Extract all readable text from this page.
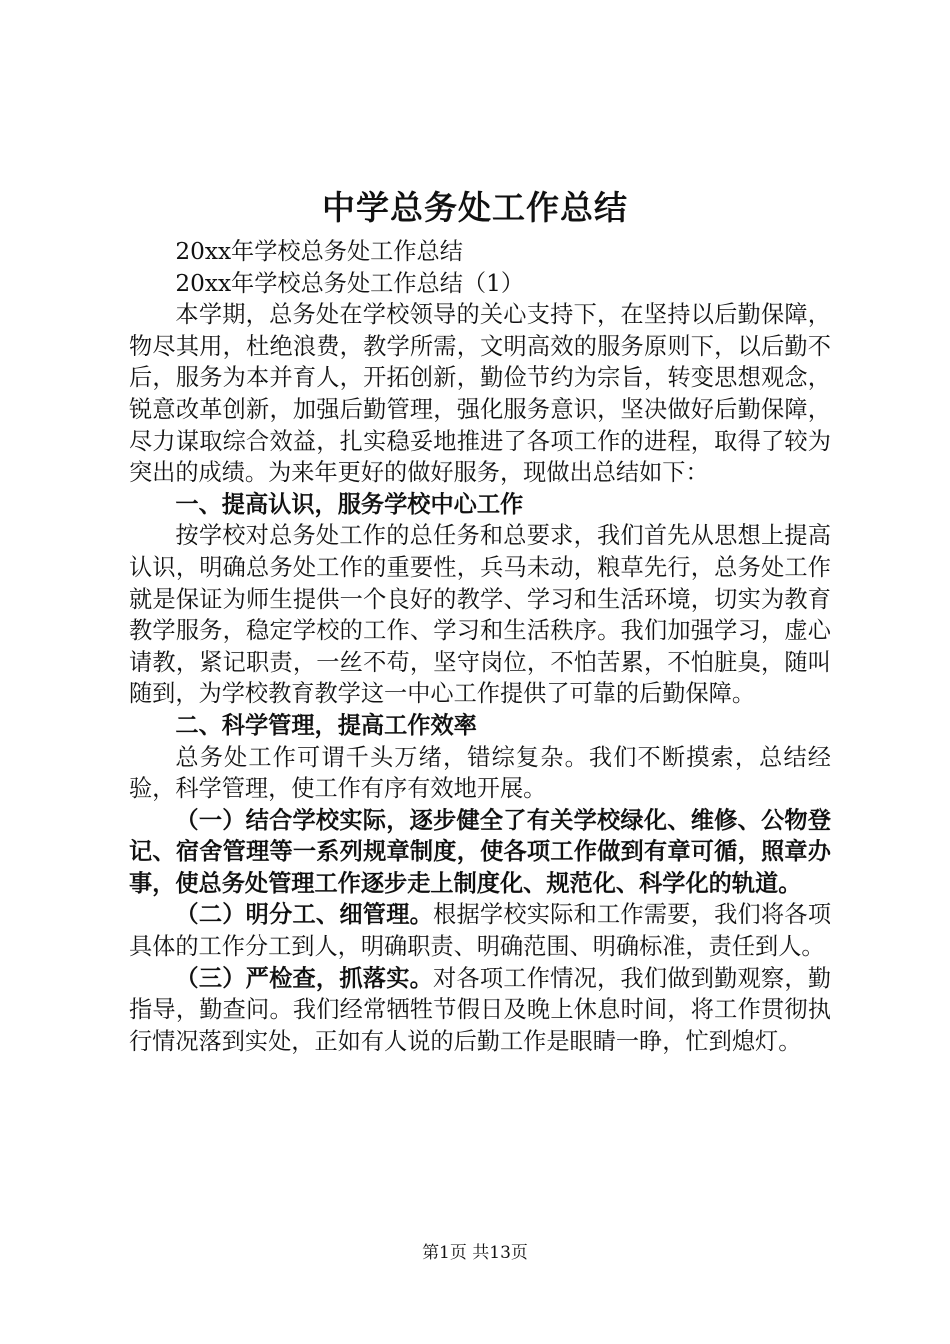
中学总务处工作总结

20xx年学校总务处工作总结

20xx年学校总务处工作总结（1）

本学期，总务处在学校领导的关心支持下，在坚持以后勤保障，物尽其用，杜绝浪费，教学所需，文明高效的服务原则下，以后勤不后，服务为本并育人，开拓创新，勤俭节约为宗旨，转变思想观念，锐意改革创新，加强后勤管理，强化服务意识，坚决做好后勤保障，尽力谋取综合效益，扎实稳妥地推进了各项工作的进程，取得了较为突出的成绩。为来年更好的做好服务，现做出总结如下：

一、提高认识，服务学校中心工作

按学校对总务处工作的总任务和总要求，我们首先从思想上提高认识，明确总务处工作的重要性，兵马未动，粮草先行，总务处工作就是保证为师生提供一个良好的教学、学习和生活环境，切实为教育教学服务，稳定学校的工作、学习和生活秩序。我们加强学习，虚心请教，紧记职责，一丝不苟，坚守岗位，不怕苦累，不怕脏臭，随叫随到，为学校教育教学这一中心工作提供了可靠的后勤保障。

二、科学管理，提高工作效率

总务处工作可谓千头万绪，错综复杂。我们不断摸索，总结经验，科学管理，使工作有序有效地开展。

（一）结合学校实际，逐步健全了有关学校绿化、维修、公物登记、宿舍管理等一系列规章制度，使各项工作做到有章可循，照章办事，使总务处管理工作逐步走上制度化、规范化、科学化的轨道。

（二）明分工、细管理。根据学校实际和工作需要，我们将各项具体的工作分工到人，明确职责、明确范围、明确标准，责任到人。

（三）严检查，抓落实。对各项工作情况，我们做到勤观察，勤指导，勤查问。我们经常牺牲节假日及晚上休息时间，将工作贯彻执行情况落到实处，正如有人说的后勤工作是眼睛一睁，忙到熄灯。

第1页 共13页
